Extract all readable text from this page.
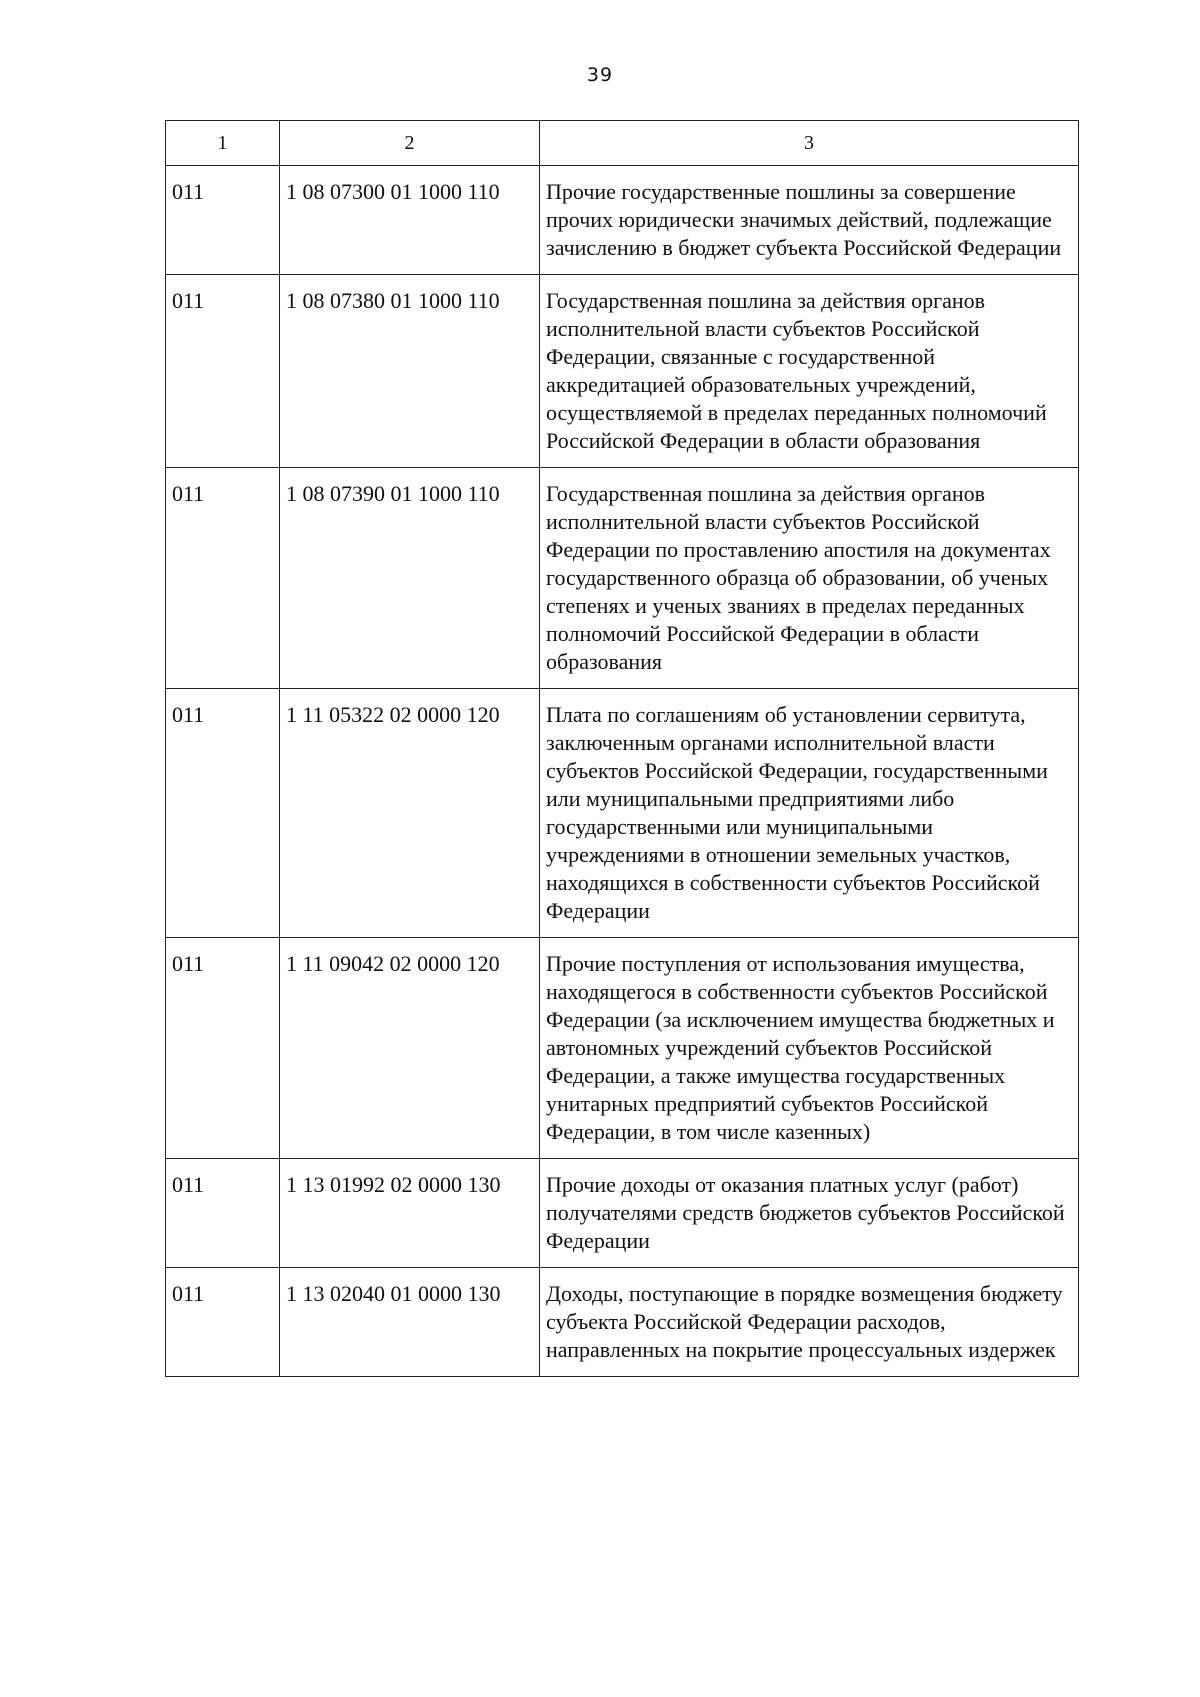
39
1	2	3
011	1 08 07300 01 1000 110	Прочие государственные пошлины за совершение прочих юридически значимых действий, подлежащие зачислению в бюджет субъекта Российской Федерации
011	1 08 07380 01 1000 110	Государственная пошлина за действия органов исполнительной власти субъектов Российской Федерации, связанные с государственной аккредитацией образовательных учреждений, осуществляемой в пределах переданных полномочий Российской Федерации в области образования
011	1 08 07390 01 1000 110	Государственная пошлина за действия органов исполнительной власти субъектов Российской Федерации по проставлению апостиля на документах государственного образца об образовании, об ученых степенях и ученых званиях в пределах переданных полномочий Российской Федерации в области образования
011	1 11 05322 02 0000 120	Плата по соглашениям об установлении сервитута, заключенным органами исполнительной власти субъектов Российской Федерации, государственными или муниципальными предприятиями либо государственными или муниципальными учреждениями в отношении земельных участков, находящихся в собственности субъектов Российской Федерации
011	1 11 09042 02 0000 120	Прочие поступления от использования имущества, находящегося в собственности субъектов Российской Федерации (за исключением имущества бюджетных и автономных учреждений субъектов Российской Федерации, а также имущества государственных унитарных предприятий субъектов Российской Федерации, в том числе казенных)
011	1 13 01992 02 0000 130	Прочие доходы от оказания платных услуг (работ) получателями средств бюджетов субъектов Российской Федерации
011	1 13 02040 01 0000 130	Доходы, поступающие в порядке возмещения бюджету субъекта Российской Федерации расходов, направленных на покрытие процессуальных издержек
